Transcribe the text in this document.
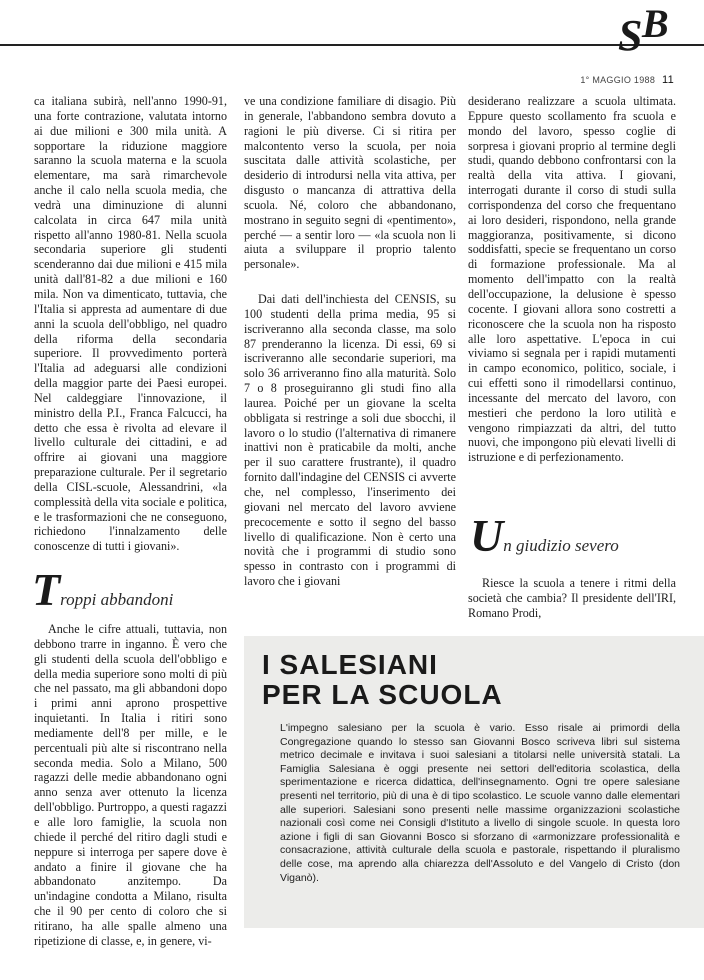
S B
1° MAGGIO 1988 11

ca italiana subirà, nell'anno 1990-91, una forte contrazione, valutata intorno ai due milioni e 300 mila unità. A sopportare la riduzione maggiore saranno la scuola materna e la scuola elementare, ma sarà rimarchevole anche il calo nella scuola media, che vedrà una diminuzione di alunni calcolata in circa 647 mila unità rispetto all'anno 1980-81. Nella scuola secondaria superiore gli studenti scenderanno dai due milioni e 415 mila unità dall'81-82 a due milioni e 160 mila. Non va dimenticato, tuttavia, che l'Italia si appresta ad aumentare di due anni la scuola dell'obbligo, nel quadro della riforma della secondaria superiore. Il provvedimento porterà l'Italia ad adeguarsi alle condizioni della maggior parte dei Paesi europei. Nel caldeggiare l'innovazione, il ministro della P.I., Franca Falcucci, ha detto che essa è rivolta ad elevare il livello culturale dei cittadini, e ad offrire ai giovani una maggiore preparazione culturale. Per il segretario della CISL-scuole, Alessandrini, «la complessità della vita sociale e politica, e le trasformazioni che ne conseguono, richiedono l'innalzamento delle conoscenze di tutti i giovani».

Troppi abbandoni

Anche le cifre attuali, tuttavia, non debbono trarre in inganno. È vero che gli studenti della scuola dell'obbligo e della media superiore sono molti di più che nel passato, ma gli abbandoni dopo i primi anni aprono prospettive inquietanti. In Italia i ritiri sono mediamente dell'8 per mille, e le percentuali più alte si riscontrano nella seconda media. Solo a Milano, 500 ragazzi delle medie abbandonano ogni anno senza aver ottenuto la licenza dell'obbligo. Purtroppo, a questi ragazzi e alle loro famiglie, la scuola non chiede il perché del ritiro dagli studi e neppure si interroga per sapere dove è andato a finire il giovane che ha abbandonato anzitempo. Da un'indagine condotta a Milano, risulta che il 90 per cento di coloro che si ritirano, ha alle spalle almeno una ripetizione di classe, e, in genere, vi-

ve una condizione familiare di disagio. Più in generale, l'abbandono sembra dovuto a ragioni le più diverse. Ci si ritira per malcontento verso la scuola, per noia suscitata dalle attività scolastiche, per desiderio di introdursi nella vita attiva, per disgusto o mancanza di attrattiva della scuola. Né, coloro che abbandonano, mostrano in seguito segni di «pentimento», perché — a sentir loro — «la scuola non li aiuta a sviluppare il proprio talento personale».

Dai dati dell'inchiesta del CENSIS, su 100 studenti della prima media, 95 si iscriveranno alla seconda classe, ma solo 87 prenderanno la licenza. Di essi, 69 si iscriveranno alle secondarie superiori, ma solo 36 arriveranno fino alla maturità. Solo 7 o 8 proseguiranno gli studi fino alla laurea. Poiché per un giovane la scelta obbligata si restringe a soli due sbocchi, il lavoro o lo studio (l'alternativa di rimanere inattivi non è praticabile da molti, anche per il suo carattere frustrante), il quadro fornito dall'indagine del CENSIS ci avverte che, nel complesso, l'inserimento dei giovani nel mercato del lavoro avviene precocemente e sotto il segno del basso livello di qualificazione. Non è certo una novità che i programmi di studio sono spesso in contrasto con i programmi di lavoro che i giovani

desiderano realizzare a scuola ultimata. Eppure questo scollamento fra scuola e mondo del lavoro, spesso coglie di sorpresa i giovani proprio al termine degli studi, quando debbono confrontarsi con la realtà della vita attiva. I giovani, interrogati durante il corso di studi sulla corrispondenza del corso che frequentano ai loro desideri, rispondono, nella grande maggioranza, positivamente, si dicono soddisfatti, specie se frequentano un corso di formazione professionale. Ma al momento dell'impatto con la realtà dell'occupazione, la delusione è spesso cocente. I giovani allora sono costretti a riconoscere che la scuola non ha risposto alle loro aspettative. L'epoca in cui viviamo si segnala per i rapidi mutamenti in campo economico, politico, sociale, i cui effetti sono il rimodellarsi continuo, incessante del mercato del lavoro, con mestieri che perdono la loro utilità e vengono rimpiazzati da altri, del tutto nuovi, che impongono più elevati livelli di istruzione e di perfezionamento.

Un giudizio severo

Riesce la scuola a tenere i ritmi della società che cambia? Il presidente dell'IRI, Romano Prodi,

I SALESIANI
PER LA SCUOLA
L'impegno salesiano per la scuola è vario. Esso risale ai primordi della Congregazione quando lo stesso san Giovanni Bosco scriveva libri sul sistema metrico decimale e invitava i suoi salesiani a titolarsi nelle università statali. La Famiglia Salesiana è oggi presente nei settori dell'editoria scolastica, della sperimentazione e ricerca didattica, dell'insegnamento. Ogni tre opere salesiane presenti nel territorio, più di una è di tipo scolastico. Le scuole vanno dalle elementari alle superiori. Salesiani sono presenti nelle massime organizzazioni scolastiche nazionali così come nei Consigli d'Istituto a livello di singole scuole. In questa loro azione i figli di san Giovanni Bosco si sforzano di «armonizzare professionalità e consacrazione, attività culturale della scuola e pastorale, rispettando il pluralismo delle cose, ma aprendo alla chiarezza dell'Assoluto e del Vangelo di Cristo (don Viganò).
